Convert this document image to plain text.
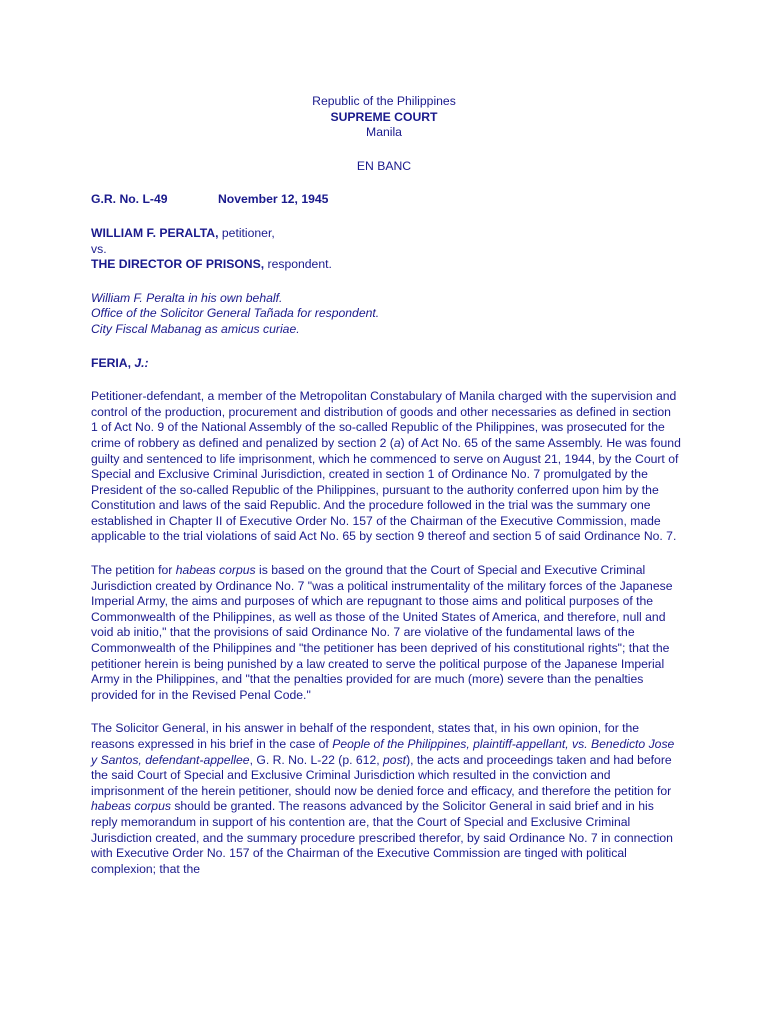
Republic of the Philippines
SUPREME COURT
Manila
EN BANC
G.R. No. L-49	November 12, 1945
WILLIAM F. PERALTA, petitioner,
vs.
THE DIRECTOR OF PRISONS, respondent.
William F. Peralta in his own behalf.
Office of the Solicitor General Tañada for respondent.
City Fiscal Mabanag as amicus curiae.
FERIA, J.:

Petitioner-defendant, a member of the Metropolitan Constabulary of Manila charged with the supervision and control of the production, procurement and distribution of goods and other necessaries as defined in section 1 of Act No. 9 of the National Assembly of the so-called Republic of the Philippines, was prosecuted for the crime of robbery as defined and penalized by section 2 (a) of Act No. 65 of the same Assembly. He was found guilty and sentenced to life imprisonment, which he commenced to serve on August 21, 1944, by the Court of Special and Exclusive Criminal Jurisdiction, created in section 1 of Ordinance No. 7 promulgated by the President of the so-called Republic of the Philippines, pursuant to the authority conferred upon him by the Constitution and laws of the said Republic. And the procedure followed in the trial was the summary one established in Chapter II of Executive Order No. 157 of the Chairman of the Executive Commission, made applicable to the trial violations of said Act No. 65 by section 9 thereof and section 5 of said Ordinance No. 7.

The petition for habeas corpus is based on the ground that the Court of Special and Executive Criminal Jurisdiction created by Ordinance No. 7 "was a political instrumentality of the military forces of the Japanese Imperial Army, the aims and purposes of which are repugnant to those aims and political purposes of the Commonwealth of the Philippines, as well as those of the United States of America, and therefore, null and void ab initio," that the provisions of said Ordinance No. 7 are violative of the fundamental laws of the Commonwealth of the Philippines and "the petitioner has been deprived of his constitutional rights"; that the petitioner herein is being punished by a law created to serve the political purpose of the Japanese Imperial Army in the Philippines, and "that the penalties provided for are much (more) severe than the penalties provided for in the Revised Penal Code."

The Solicitor General, in his answer in behalf of the respondent, states that, in his own opinion, for the reasons expressed in his brief in the case of People of the Philippines, plaintiff-appellant, vs. Benedicto Jose y Santos, defendant-appellee, G. R. No. L-22 (p. 612, post), the acts and proceedings taken and had before the said Court of Special and Exclusive Criminal Jurisdiction which resulted in the conviction and imprisonment of the herein petitioner, should now be denied force and efficacy, and therefore the petition for habeas corpus should be granted. The reasons advanced by the Solicitor General in said brief and in his reply memorandum in support of his contention are, that the Court of Special and Exclusive Criminal Jurisdiction created, and the summary procedure prescribed therefor, by said Ordinance No. 7 in connection with Executive Order No. 157 of the Chairman of the Executive Commission are tinged with political complexion; that the
